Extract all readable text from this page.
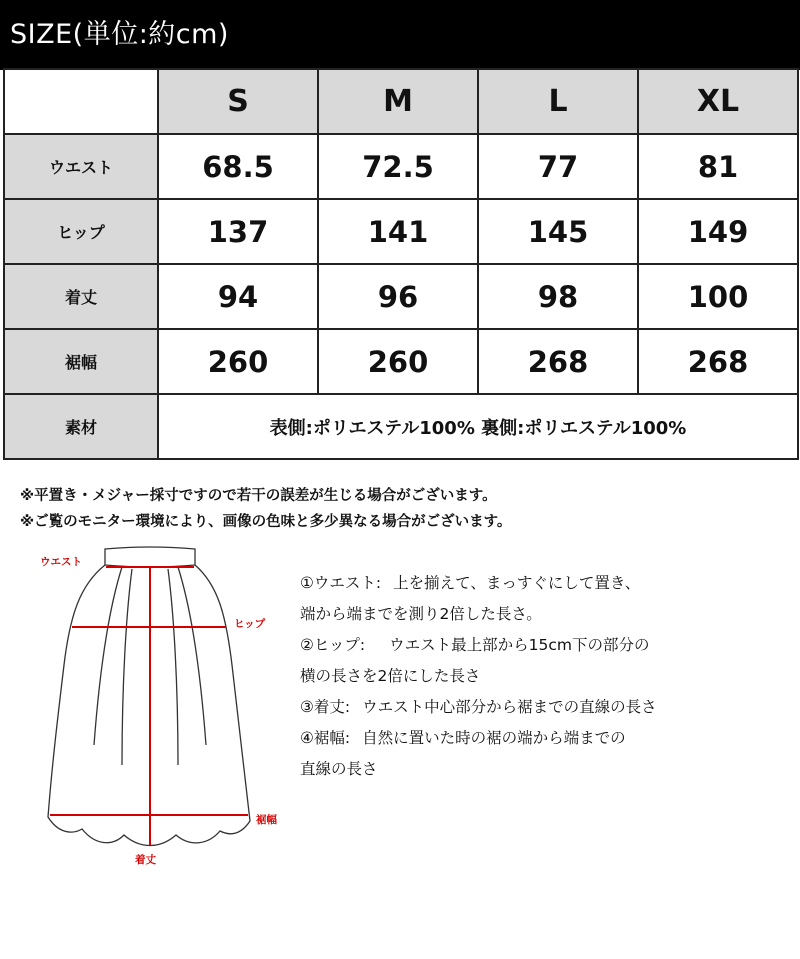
SIZE(単位:約cm)
	S	M	L	XL
ウエスト	68.5	72.5	77	81
ヒップ	137	141	145	149
着丈	94	96	98	100
裾幅	260	260	268	268
素材	表側:ポリエステル100% 裏側:ポリエステル100%			
※平置き・メジャー採寸ですので若干の誤差が生じる場合がございます。
※ご覧のモニター環境により、画像の色味と多少異なる場合がございます。
ウエスト
ヒップ
裾幅
着丈
①ウエスト: 上を揃えて、まっすぐにして置き、
端から端までを測り2倍した長さ。
②ヒップ: ウエスト最上部から15cm下の部分の
横の長さを2倍にした長さ
③着丈: ウエスト中心部分から裾までの直線の長さ
④裾幅: 自然に置いた時の裾の端から端までの
直線の長さ
